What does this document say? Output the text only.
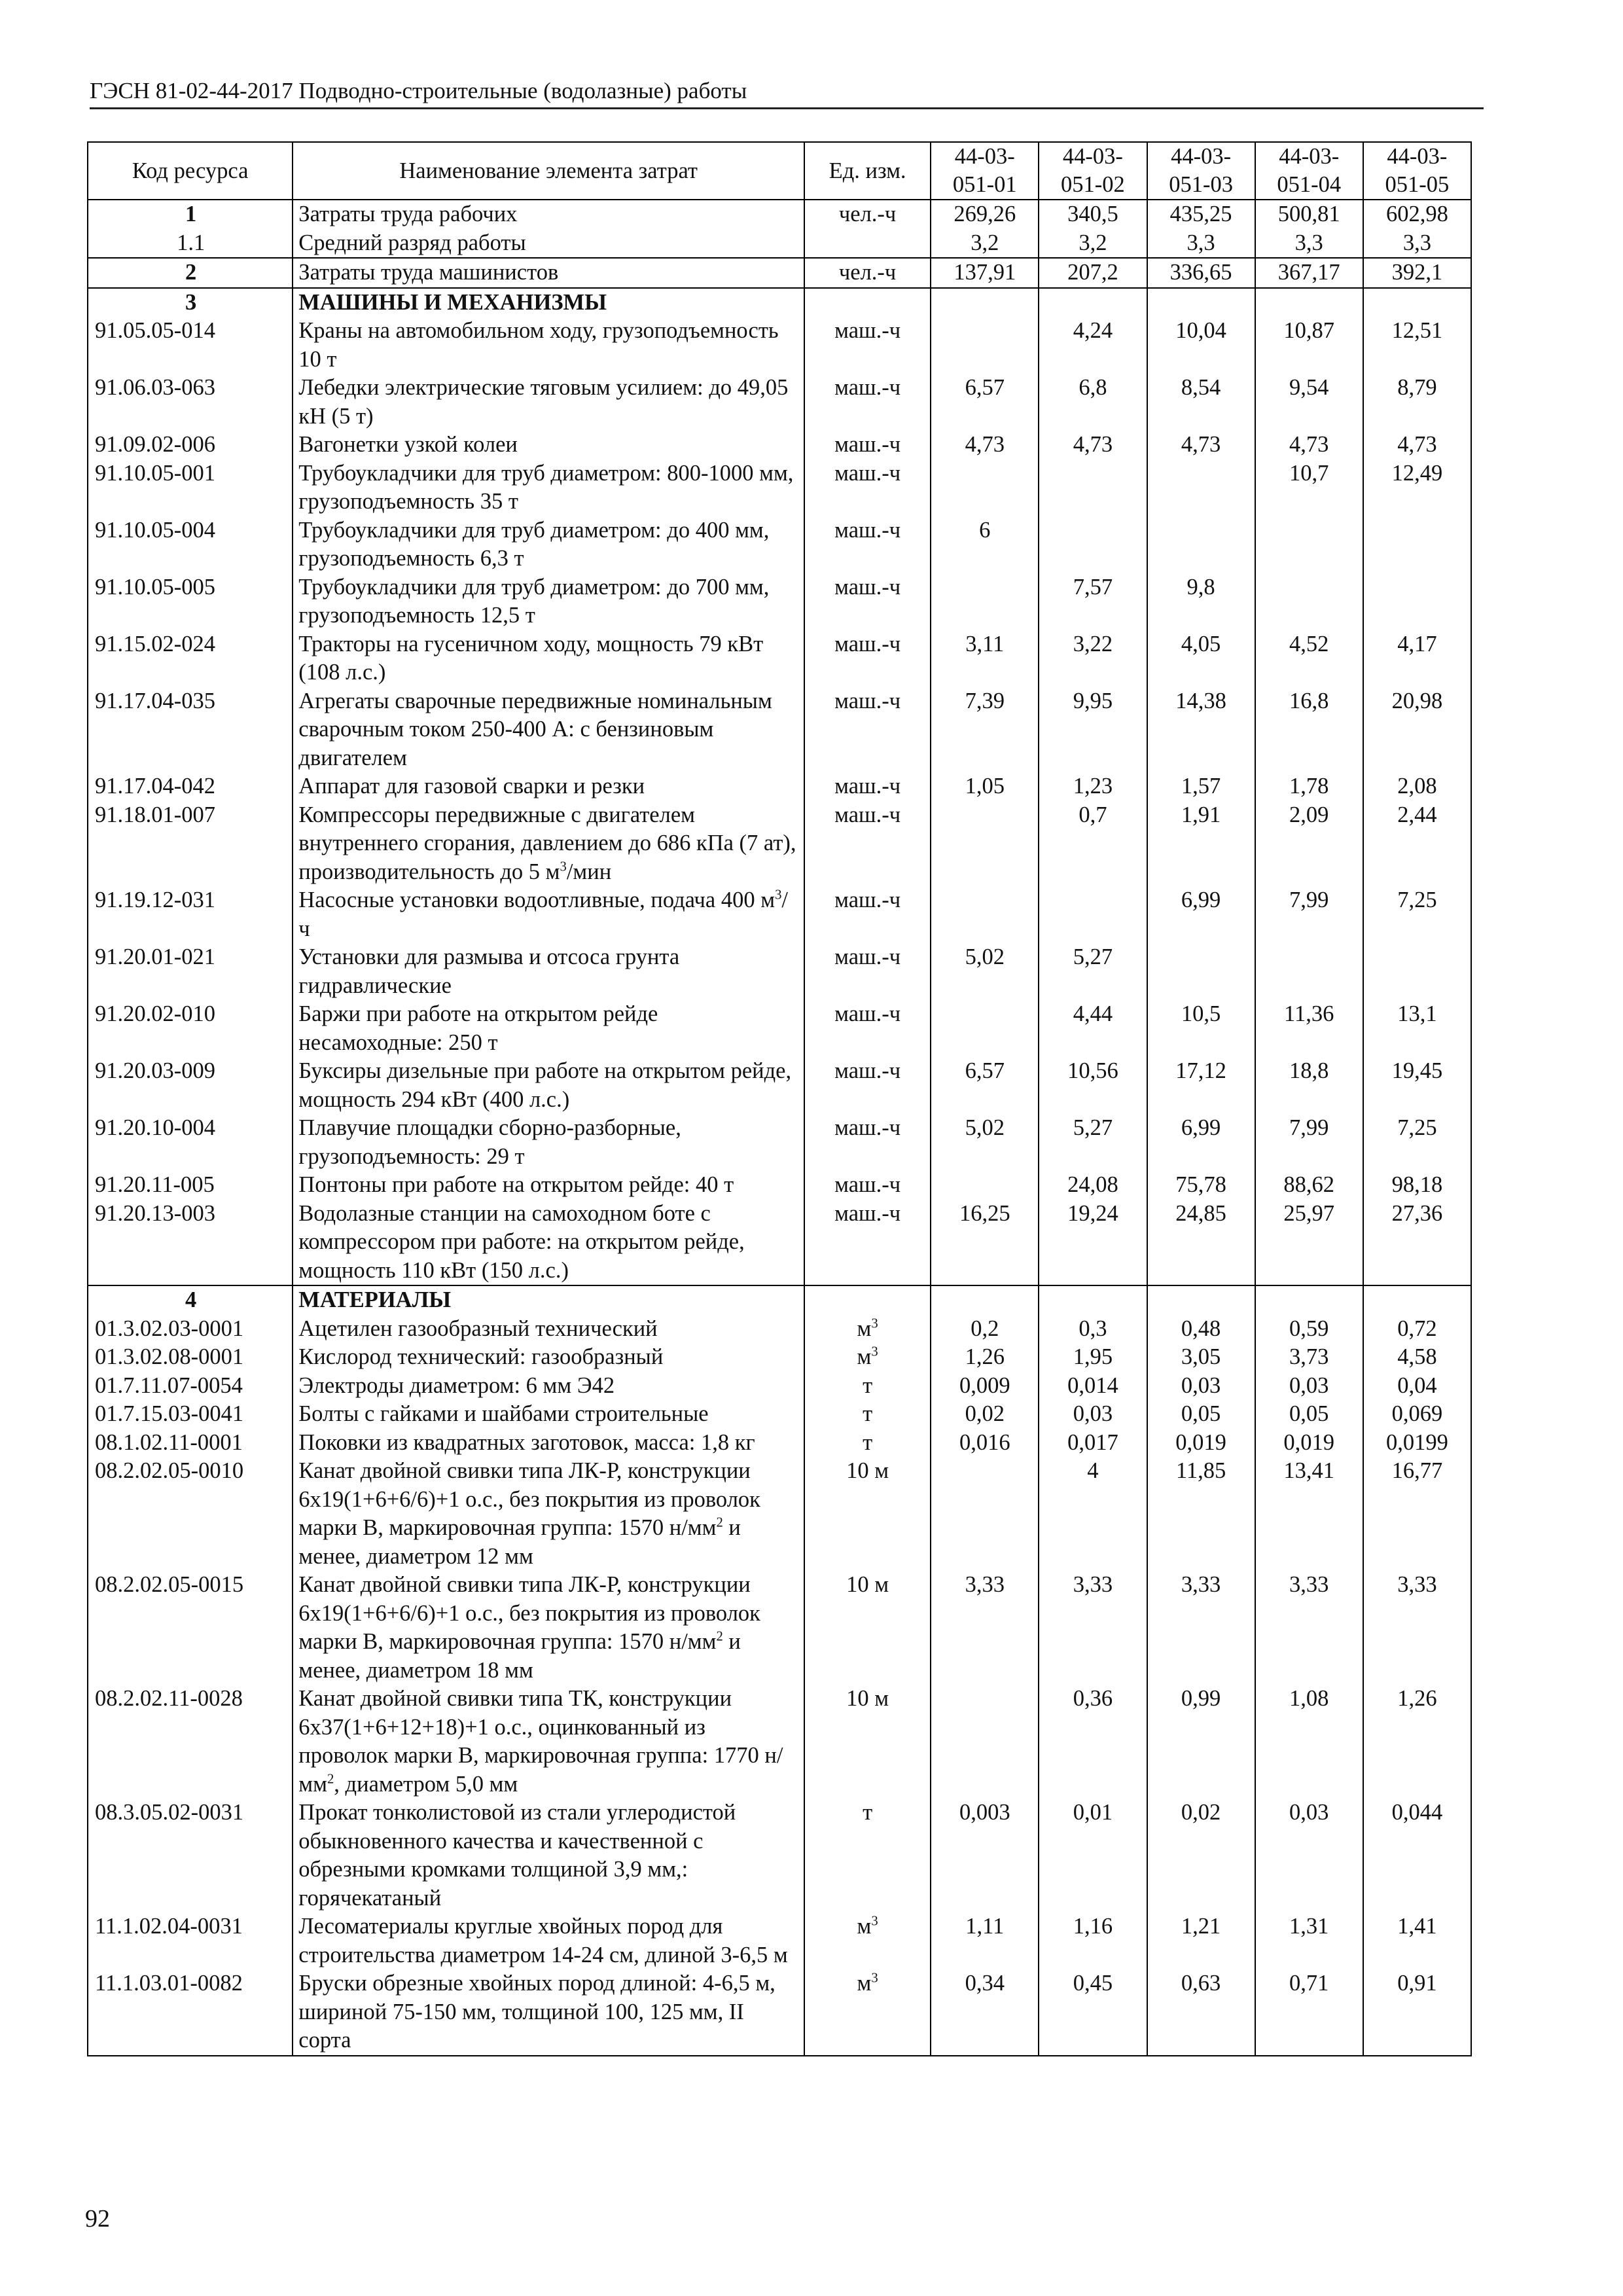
ГЭСН 81-02-44-2017 Подводно-строительные (водолазные) работы
Код ресурса	Наименование элемента затрат	Ед. изм.	44-03-051-01	44-03-051-02	44-03-051-03	44-03-051-04	44-03-051-05
1	Затраты труда рабочих	чел.-ч	269,26	340,5	435,25	500,81	602,98
1.1	Средний разряд работы		3,2	3,2	3,3	3,3	3,3
2	Затраты труда машинистов	чел.-ч	137,91	207,2	336,65	367,17	392,1
3	МАШИНЫ И МЕХАНИЗМЫ						
91.05.05-014	Краны на автомобильном ходу, грузоподъемность 10 т	маш.-ч		4,24	10,04	10,87	12,51
91.06.03-063	Лебедки электрические тяговым усилием: до 49,05 кН (5 т)	маш.-ч	6,57	6,8	8,54	9,54	8,79
91.09.02-006	Вагонетки узкой колеи	маш.-ч	4,73	4,73	4,73	4,73	4,73
91.10.05-001	Трубоукладчики для труб диаметром: 800-1000 мм, грузоподъемность 35 т	маш.-ч				10,7	12,49
91.10.05-004	Трубоукладчики для труб диаметром: до 400 мм, грузоподъемность 6,3 т	маш.-ч	6				
91.10.05-005	Трубоукладчики для труб диаметром: до 700 мм, грузоподъемность 12,5 т	маш.-ч		7,57	9,8		
91.15.02-024	Тракторы на гусеничном ходу, мощность 79 кВт (108 л.с.)	маш.-ч	3,11	3,22	4,05	4,52	4,17
91.17.04-035	Агрегаты сварочные передвижные номинальным сварочным током 250-400 А: с бензиновым двигателем	маш.-ч	7,39	9,95	14,38	16,8	20,98
91.17.04-042	Аппарат для газовой сварки и резки	маш.-ч	1,05	1,23	1,57	1,78	2,08
91.18.01-007	Компрессоры передвижные с двигателем внутреннего сгорания, давлением до 686 кПа (7 ат), производительность до 5 $м^3$/мин	маш.-ч		0,7	1,91	2,09	2,44
91.19.12-031	Насосные установки водоотливные, подача 400 $м^3/ч$	маш.-ч			6,99	7,99	7,25
91.20.01-021	Установки для размыва и отсоса грунта гидравлические	маш.-ч	5,02	5,27			
91.20.02-010	Баржи при работе на открытом рейде несамоходные: 250 т	маш.-ч		4,44	10,5	11,36	13,1
91.20.03-009	Буксиры дизельные при работе на открытом рейде, мощность 294 кВт (400 л.с.)	маш.-ч	6,57	10,56	17,12	18,8	19,45
91.20.10-004	Плавучие площадки сборно-разборные, грузоподъемность: 29 т	маш.-ч	5,02	5,27	6,99	7,99	7,25
91.20.11-005	Понтоны при работе на открытом рейде: 40 т	маш.-ч		24,08	75,78	88,62	98,18
91.20.13-003	Водолазные станции на самоходном боте с компрессором при работе: на открытом рейде, мощность 110 кВт (150 л.с.)	маш.-ч	16,25	19,24	24,85	25,97	27,36
4	МАТЕРИАЛЫ						
01.3.02.03-0001	Ацетилен газообразный технический	$м^3$	0,2	0,3	0,48	0,59	0,72
01.3.02.08-0001	Кислород технический: газообразный	$м^3$	1,26	1,95	3,05	3,73	4,58
01.7.11.07-0054	Электроды диаметром: 6 мм Э42	т	0,009	0,014	0,03	0,03	0,04
01.7.15.03-0041	Болты с гайками и шайбами строительные	т	0,02	0,03	0,05	0,05	0,069
08.1.02.11-0001	Поковки из квадратных заготовок, масса: 1,8 кг	т	0,016	0,017	0,019	0,019	0,0199
08.2.02.05-0010	Канат двойной свивки типа ЛК-Р, конструкции 6х19(1+6+6/6)+1 о.с., без покрытия из проволок марки В, маркировочная группа: 1570 $н/мм^2$ и менее, диаметром 12 мм	10 м		4	11,85	13,41	16,77
08.2.02.05-0015	Канат двойной свивки типа ЛК-Р, конструкции 6х19(1+6+6/6)+1 о.с., без покрытия из проволок марки В, маркировочная группа: 1570 $н/мм^2$ и менее, диаметром 18 мм	10 м	3,33	3,33	3,33	3,33	3,33
08.2.02.11-0028	Канат двойной свивки типа ТК, конструкции 6х37(1+6+12+18)+1 о.с., оцинкованный из проволок марки В, маркировочная группа: 1770 $н/мм^2$, диаметром 5,0 мм	10 м		0,36	0,99	1,08	1,26
08.3.05.02-0031	Прокат тонколистовой из стали углеродистой обыкновенного качества и качественной с обрезными кромками толщиной 3,9 мм,: горячекатаный	т	0,003	0,01	0,02	0,03	0,044
11.1.02.04-0031	Лесоматериалы круглые хвойных пород для строительства диаметром 14-24 см, длиной 3-6,5 м	$м^3$	1,11	1,16	1,21	1,31	1,41
11.1.03.01-0082	Бруски обрезные хвойных пород длиной: 4-6,5 м, шириной 75-150 мм, толщиной 100, 125 мм, II сорта	$м^3$	0,34	0,45	0,63	0,71	0,91
92
